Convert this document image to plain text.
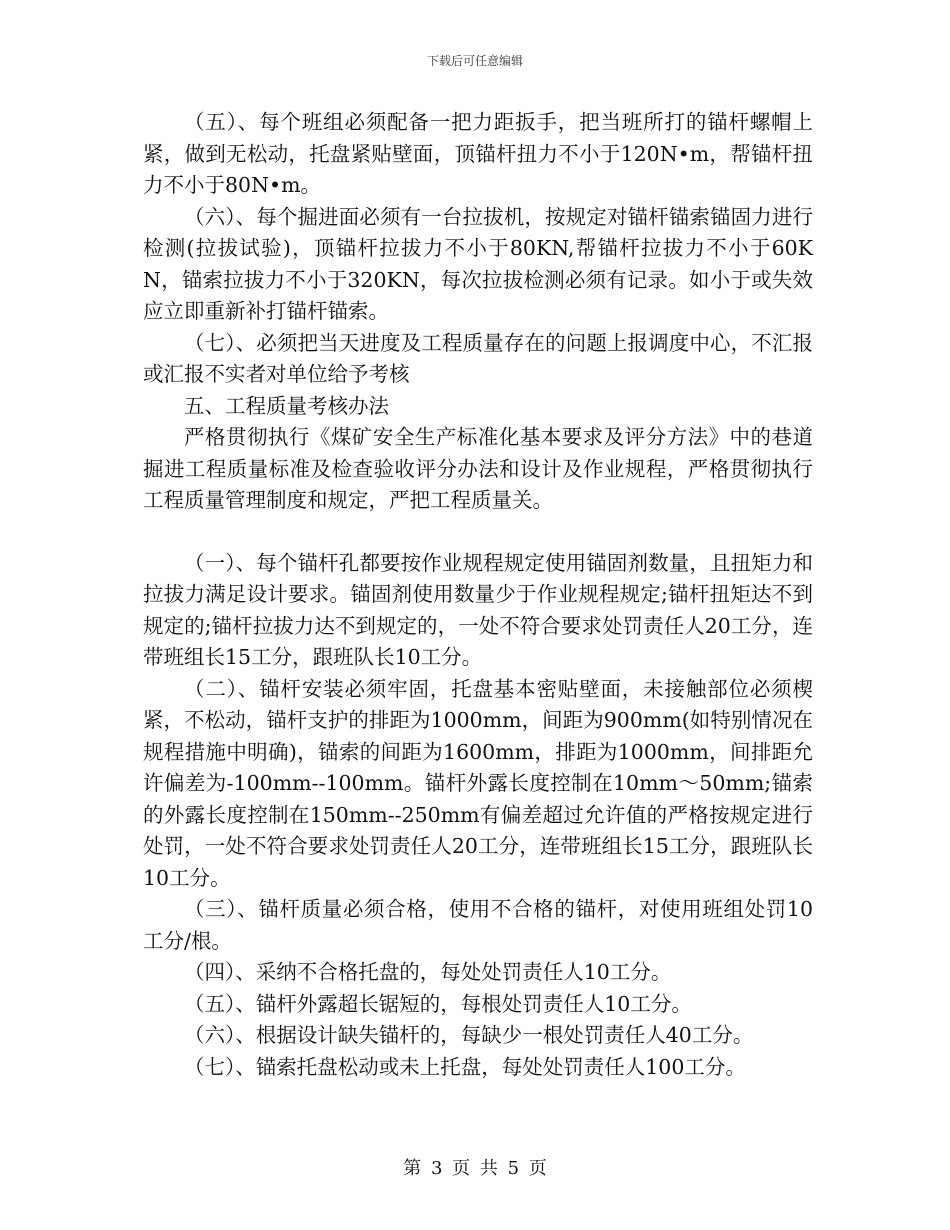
下载后可任意编辑

（五）、每个班组必须配备一把力距扳手，把当班所打的锚杆螺帽上紧，做到无松动，托盘紧贴壁面，顶锚杆扭力不小于120N•m，帮锚杆扭力不小于80N•m。

（六）、每个掘进面必须有一台拉拔机，按规定对锚杆锚索锚固力进行检测(拉拔试验)，顶锚杆拉拔力不小于80KN,帮锚杆拉拔力不小于60KN，锚索拉拔力不小于320KN，每次拉拔检测必须有记录。如小于或失效应立即重新补打锚杆锚索。

（七）、必须把当天进度及工程质量存在的问题上报调度中心，不汇报或汇报不实者对单位给予考核

五、工程质量考核办法

严格贯彻执行《煤矿安全生产标准化基本要求及评分方法》中的巷道掘进工程质量标准及检查验收评分办法和设计及作业规程，严格贯彻执行工程质量管理制度和规定，严把工程质量关。

（一）、每个锚杆孔都要按作业规程规定使用锚固剂数量，且扭矩力和拉拔力满足设计要求。锚固剂使用数量少于作业规程规定;锚杆扭矩达不到规定的;锚杆拉拔力达不到规定的，一处不符合要求处罚责任人20工分，连带班组长15工分，跟班队长10工分。

（二）、锚杆安装必须牢固，托盘基本密贴壁面，未接触部位必须楔紧，不松动，锚杆支护的排距为1000mm，间距为900mm(如特别情况在规程措施中明确)，锚索的间距为1600mm，排距为1000mm，间排距允许偏差为-100mm--100mm。锚杆外露长度控制在10mm～50mm;锚索的外露长度控制在150mm--250mm有偏差超过允许值的严格按规定进行处罚，一处不符合要求处罚责任人20工分，连带班组长15工分，跟班队长10工分。

（三）、锚杆质量必须合格，使用不合格的锚杆，对使用班组处罚10工分/根。

（四）、采纳不合格托盘的，每处处罚责任人10工分。

（五）、锚杆外露超长锯短的，每根处罚责任人10工分。

（六）、根据设计缺失锚杆的，每缺少一根处罚责任人40工分。

（七）、锚索托盘松动或未上托盘，每处处罚责任人100工分。

第 3 页 共 5 页
